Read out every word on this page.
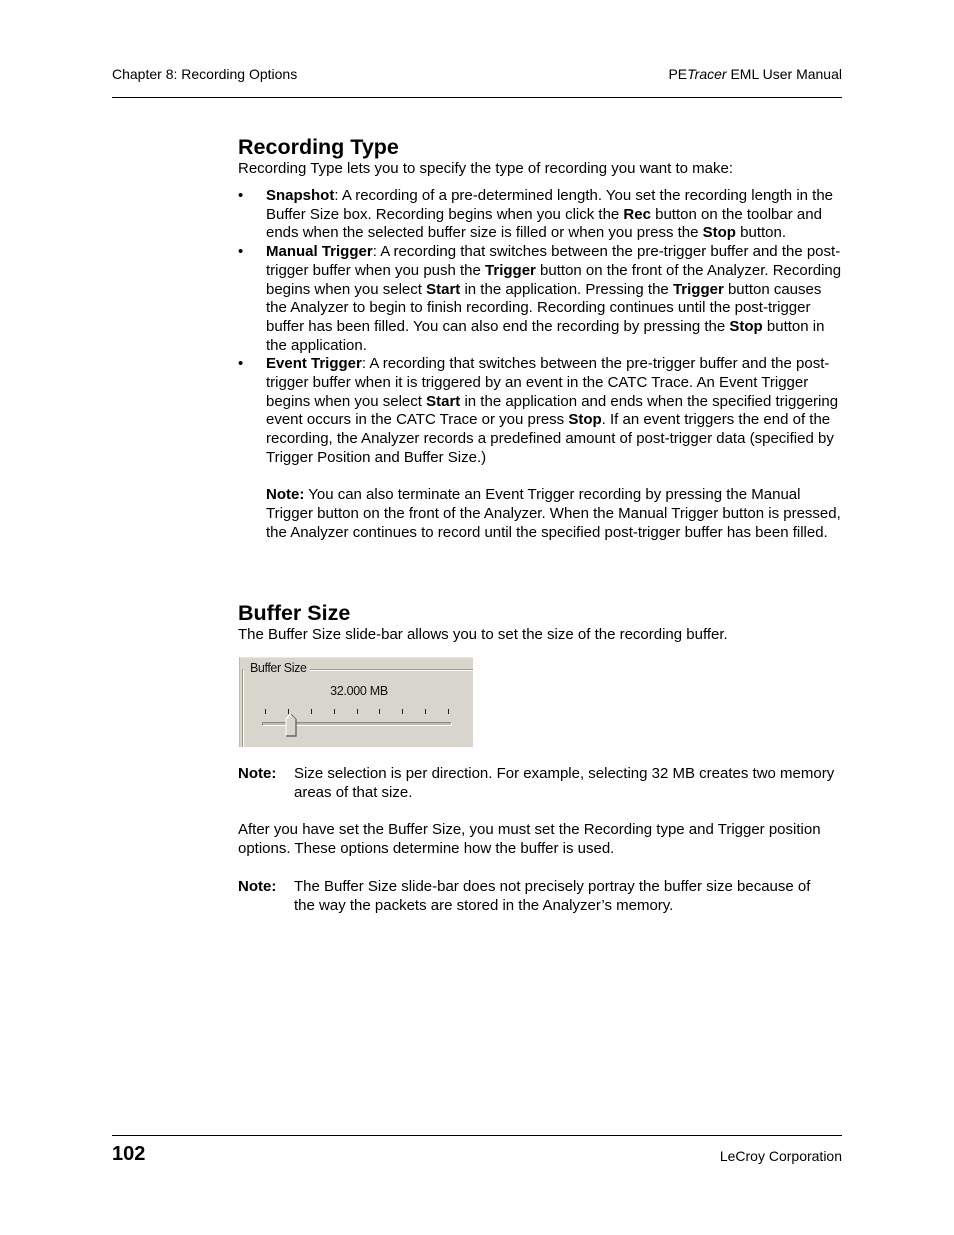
Chapter 8: Recording Options	PETracer EML User Manual
Recording Type
Recording Type lets you to specify the type of recording you want to make:
• Snapshot: A recording of a pre-determined length. You set the recording length in the Buffer Size box. Recording begins when you click the Rec button on the toolbar and ends when the selected buffer size is filled or when you press the Stop button.
• Manual Trigger: A recording that switches between the pre-trigger buffer and the post-trigger buffer when you push the Trigger button on the front of the Analyzer. Recording begins when you select Start in the application. Pressing the Trigger button causes the Analyzer to begin to finish recording. Recording continues until the post-trigger buffer has been filled. You can also end the recording by pressing the Stop button in the application.
• Event Trigger: A recording that switches between the pre-trigger buffer and the post-trigger buffer when it is triggered by an event in the CATC Trace. An Event Trigger begins when you select Start in the application and ends when the specified triggering event occurs in the CATC Trace or you press Stop. If an event triggers the end of the recording, the Analyzer records a predefined amount of post-trigger data (specified by Trigger Position and Buffer Size.)
Note: You can also terminate an Event Trigger recording by pressing the Manual Trigger button on the front of the Analyzer. When the Manual Trigger button is pressed, the Analyzer continues to record until the specified post-trigger buffer has been filled.
Buffer Size
The Buffer Size slide-bar allows you to set the size of the recording buffer.
Buffer Size
32.000 MB
Note:	Size selection is per direction. For example, selecting 32 MB creates two memory areas of that size.
After you have set the Buffer Size, you must set the Recording type and Trigger position options. These options determine how the buffer is used.
Note:	The Buffer Size slide-bar does not precisely portray the buffer size because of the way the packets are stored in the Analyzer’s memory.
102	LeCroy Corporation
